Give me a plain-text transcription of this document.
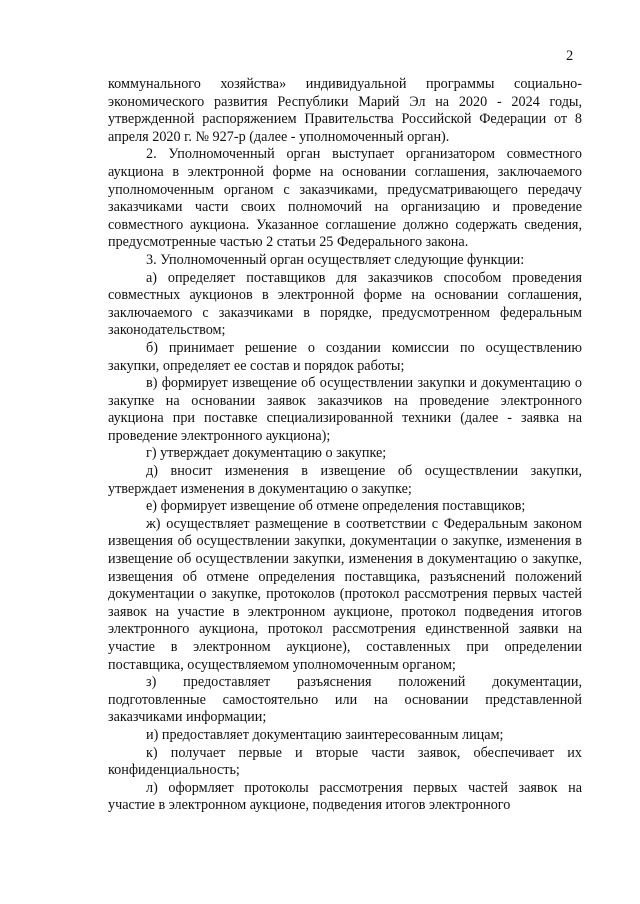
2

коммунального хозяйства» индивидуальной программы социально-экономического развития Республики Марий Эл на 2020 - 2024 годы, утвержденной распоряжением Правительства Российской Федерации от 8 апреля 2020 г. № 927-р (далее - уполномоченный орган).

2. Уполномоченный орган выступает организатором совместного аукциона в электронной форме на основании соглашения, заключаемого уполномоченным органом с заказчиками, предусматривающего передачу заказчиками части своих полномочий на организацию и проведение совместного аукциона. Указанное соглашение должно содержать сведения, предусмотренные частью 2 статьи 25 Федерального закона.

3. Уполномоченный орган осуществляет следующие функции:

а) определяет поставщиков для заказчиков способом проведения совместных аукционов в электронной форме на основании соглашения, заключаемого с заказчиками в порядке, предусмотренном федеральным законодательством;

б) принимает решение о создании комиссии по осуществлению закупки, определяет ее состав и порядок работы;

в) формирует извещение об осуществлении закупки и документацию о закупке на основании заявок заказчиков на проведение электронного аукциона при поставке специализированной техники (далее - заявка на проведение электронного аукциона);

г) утверждает документацию о закупке;

д) вносит изменения в извещение об осуществлении закупки, утверждает изменения в документацию о закупке;

е) формирует извещение об отмене определения поставщиков;

ж) осуществляет размещение в соответствии с Федеральным законом извещения об осуществлении закупки, документации о закупке, изменения в извещение об осуществлении закупки, изменения в документацию о закупке, извещения об отмене определения поставщика, разъяснений положений документации о закупке, протоколов (протокол рассмотрения первых частей заявок на участие в электронном аукционе, протокол подведения итогов электронного аукциона, протокол рассмотрения единственной заявки на участие в электронном аукционе), составленных при определении поставщика, осуществляемом уполномоченным органом;

з) предоставляет разъяснения положений документации, подготовленные самостоятельно или на основании представленной заказчиками информации;

и) предоставляет документацию заинтересованным лицам;

к) получает первые и вторые части заявок, обеспечивает их конфиденциальность;

л) оформляет протоколы рассмотрения первых частей заявок на участие в электронном аукционе, подведения итогов электронного
